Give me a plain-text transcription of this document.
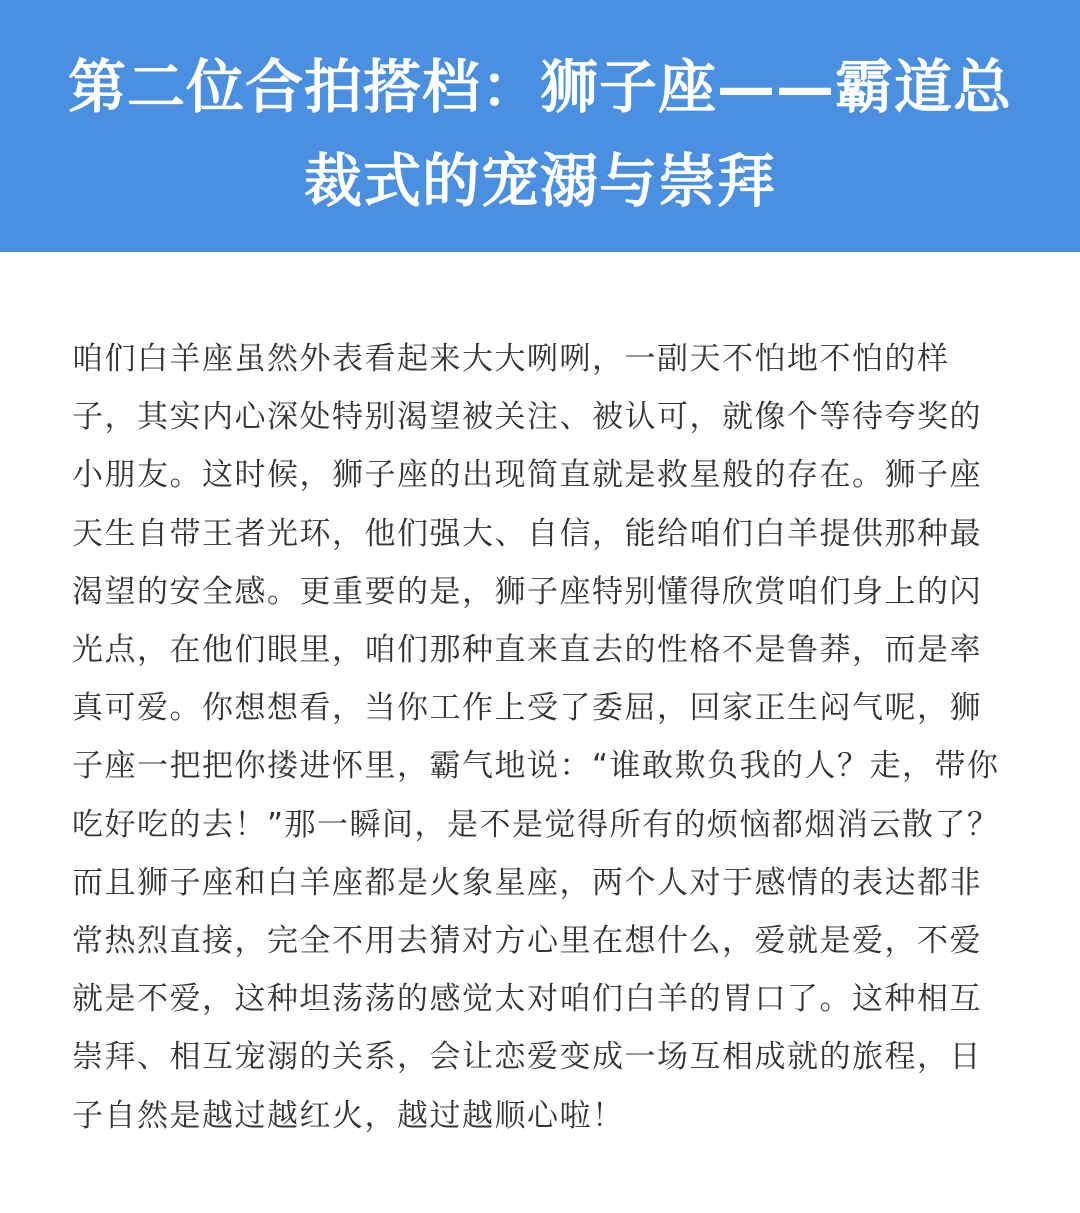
第二位合拍搭档：狮子座——霸道总裁式的宠溺与崇拜

咱们白羊座虽然外表看起来大大咧咧，一副天不怕地不怕的样子，其实内心深处特别渴望被关注、被认可，就像个等待夸奖的小朋友。这时候，狮子座的出现简直就是救星般的存在。狮子座天生自带王者光环，他们强大、自信，能给咱们白羊提供那种最渴望的安全感。更重要的是，狮子座特别懂得欣赏咱们身上的闪光点，在他们眼里，咱们那种直来直去的性格不是鲁莽，而是率真可爱。你想想看，当你工作上受了委屈，回家正生闷气呢，狮子座一把把你搂进怀里，霸气地说：“谁敢欺负我的人？走，带你吃好吃的去！”那一瞬间，是不是觉得所有的烦恼都烟消云散了？而且狮子座和白羊座都是火象星座，两个人对于感情的表达都非常热烈直接，完全不用去猜对方心里在想什么，爱就是爱，不爱就是不爱，这种坦荡荡的感觉太对咱们白羊的胃口了。这种相互崇拜、相互宠溺的关系，会让恋爱变成一场互相成就的旅程，日子自然是越过越红火，越过越顺心啦！
